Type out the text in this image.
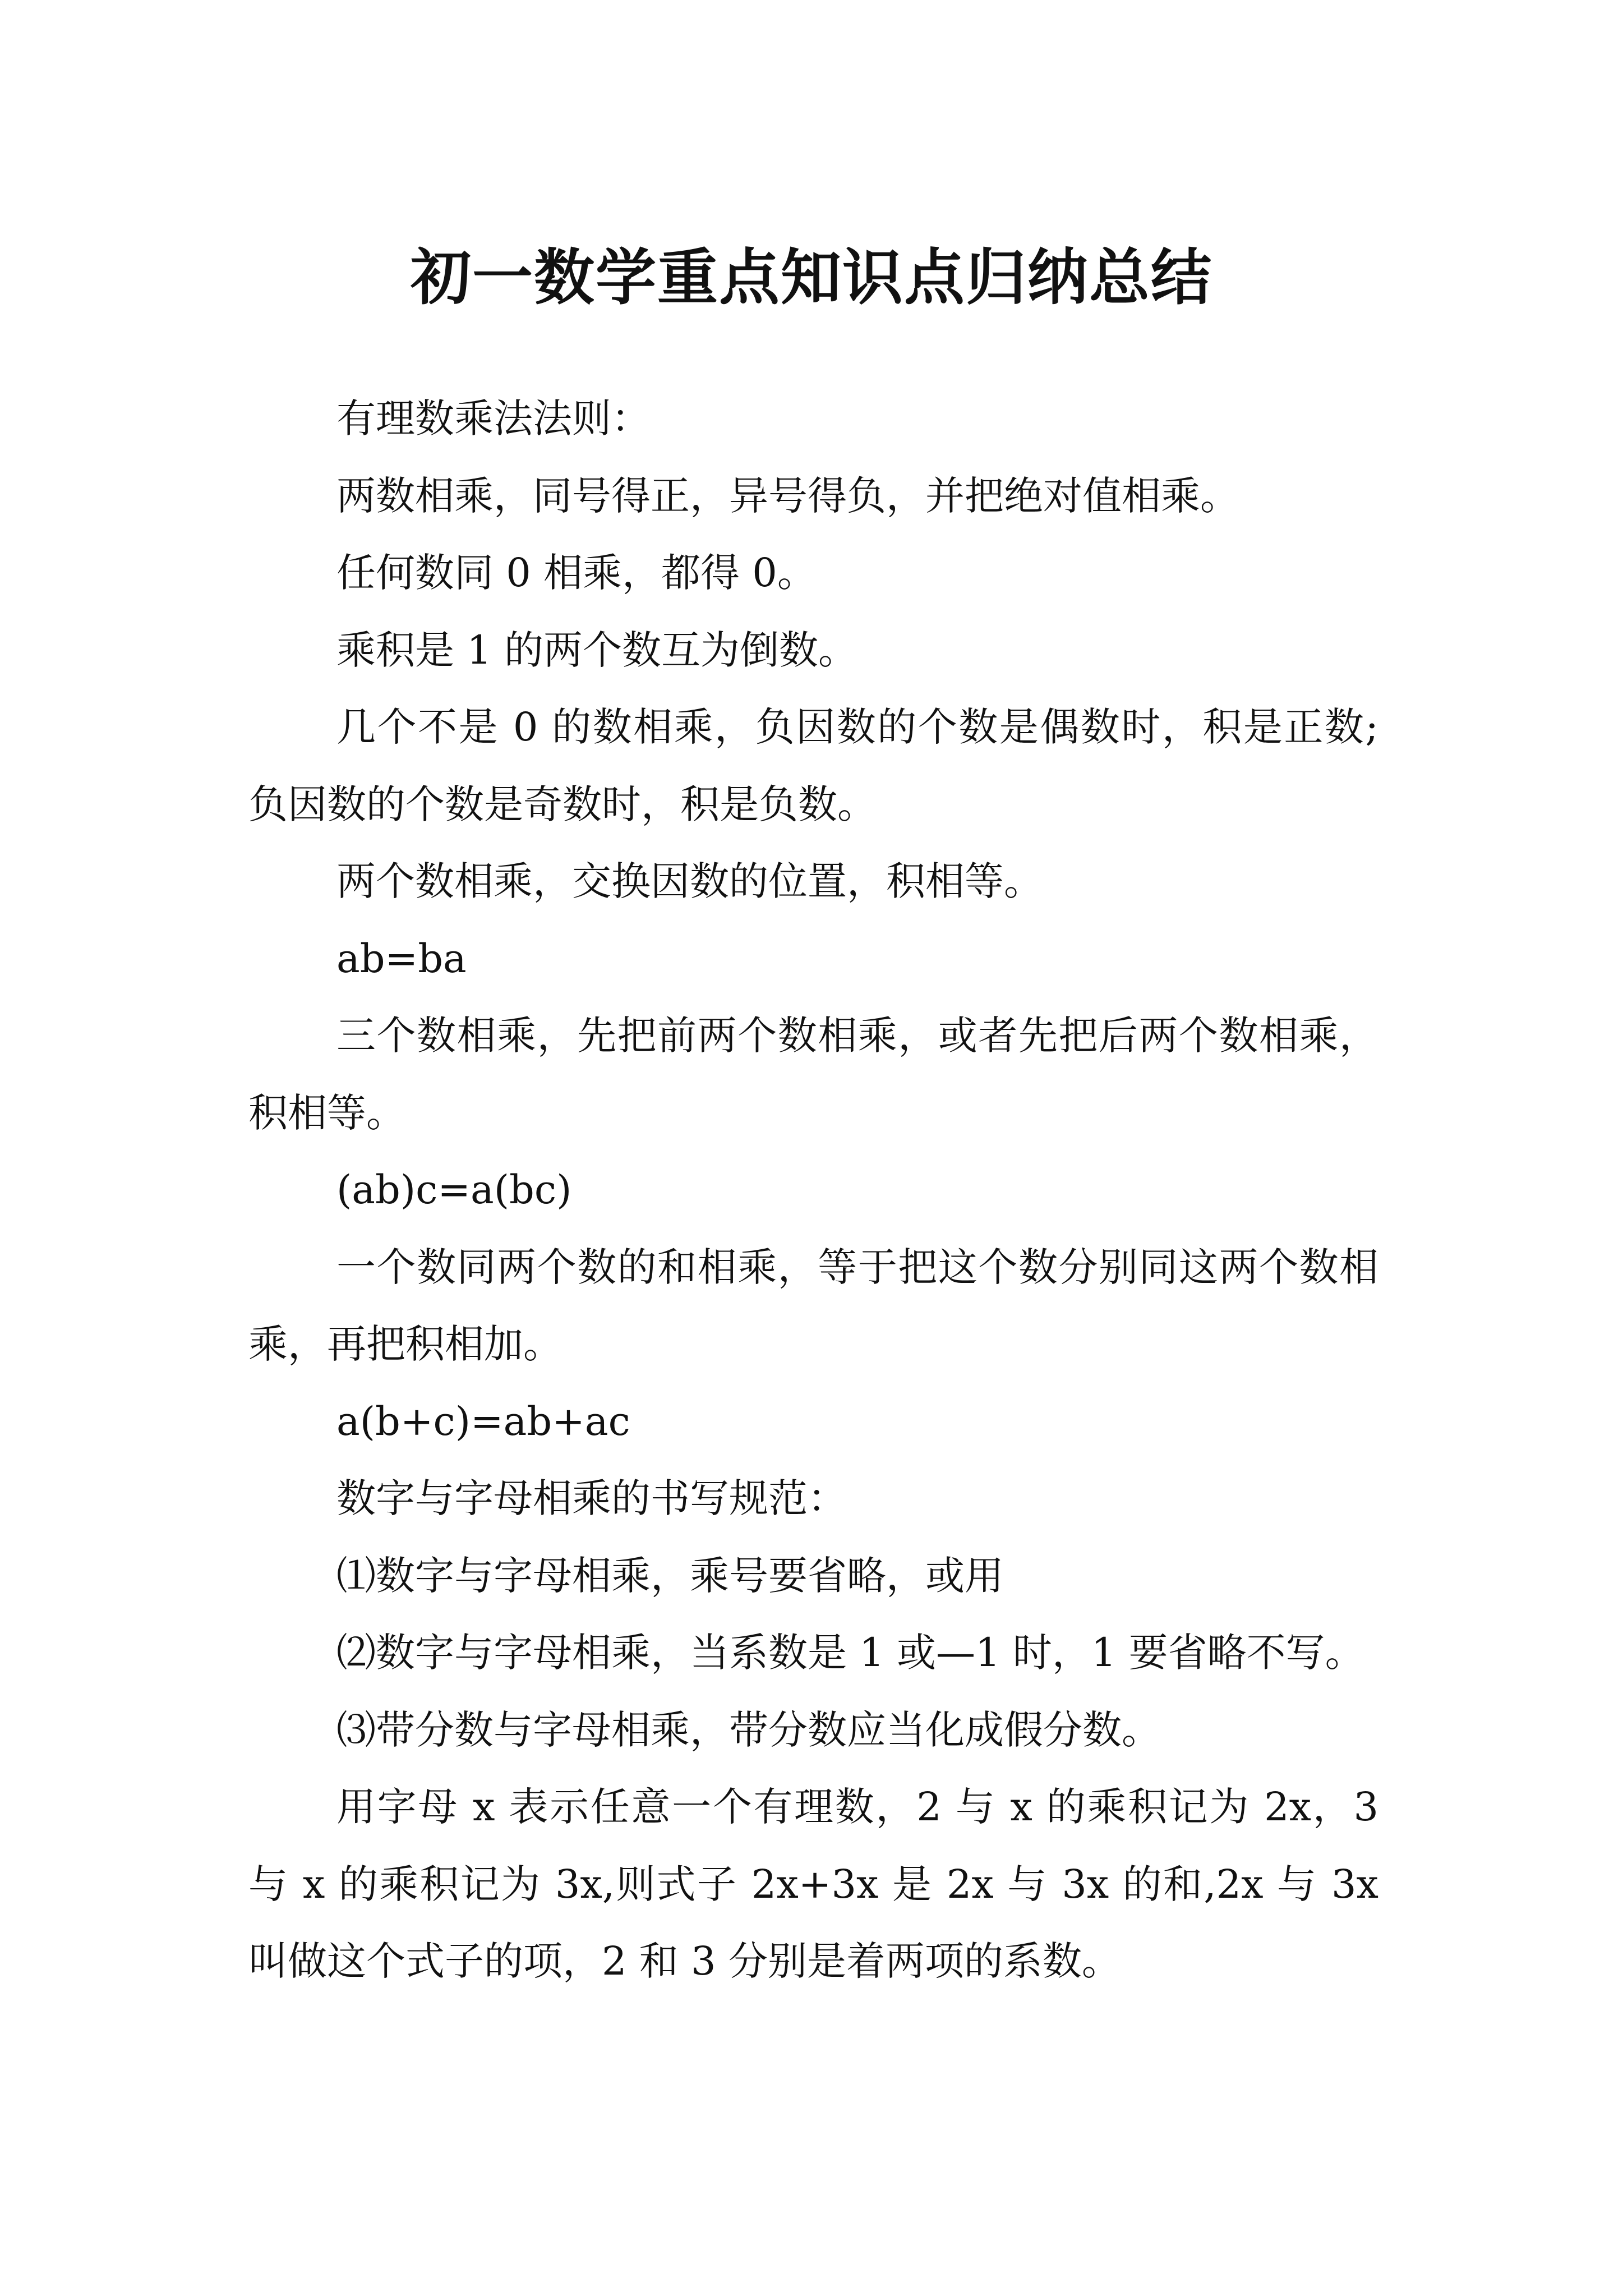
初一数学重点知识点归纳总结

有理数乘法法则：

两数相乘，同号得正，异号得负，并把绝对值相乘。

任何数同 0 相乘，都得 0。

乘积是 1 的两个数互为倒数。

几个不是 0 的数相乘，负因数的个数是偶数时，积是正数;负因数的个数是奇数时，积是负数。

两个数相乘，交换因数的位置，积相等。

ab=ba

三个数相乘，先把前两个数相乘，或者先把后两个数相乘，积相等。

(ab)c=a(bc)

一个数同两个数的和相乘，等于把这个数分别同这两个数相乘，再把积相加。

a(b+c)=ab+ac

数字与字母相乘的书写规范：

⑴数字与字母相乘，乘号要省略，或用

⑵数字与字母相乘，当系数是 1 或—1 时，1 要省略不写。

⑶带分数与字母相乘，带分数应当化成假分数。

用字母 x 表示任意一个有理数，2 与 x 的乘积记为 2x，3 与 x 的乘积记为 3x,则式子 2x+3x 是 2x 与 3x 的和,2x 与 3x 叫做这个式子的项，2 和 3 分别是着两项的系数。
